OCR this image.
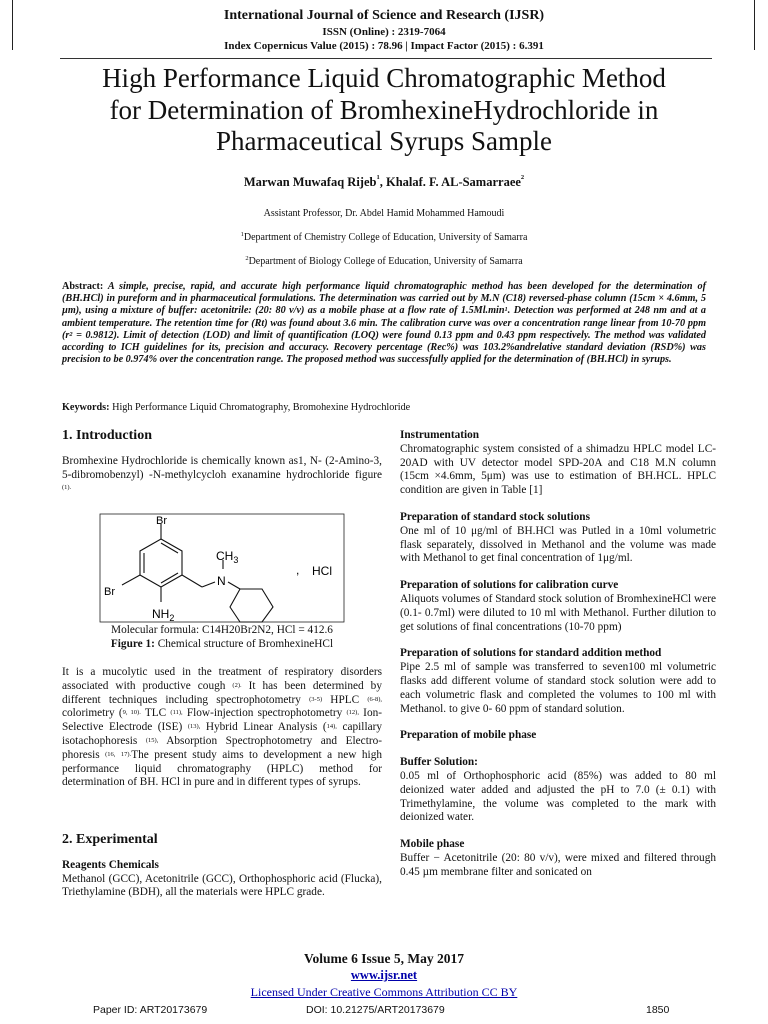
International Journal of Science and Research (IJSR)
ISSN (Online) : 2319-7064
Index Copernicus Value (2015) : 78.96 | Impact Factor (2015) : 6.391
High Performance Liquid Chromatographic Method
for Determination of BromhexineHydrochloride in
Pharmaceutical Syrups Sample
Marwan Muwafaq Rijeb$^1$, Khalaf. F. AL-Samarraee$^2$
Assistant Professor, Dr. Abdel Hamid Mohammed Hamoudi
$^1$Department of Chemistry College of Education, University of Samarra
$^2$Department of Biology College of Education, University of Samarra
Abstract: A simple, precise, rapid, and accurate high performance liquid chromatographic method has been developed for the determination of (BH.HCl) in pureform and in pharmaceutical formulations. The determination was carried out by M.N (C18) reversed-phase column (15cm × 4.6mm, 5 µm), using a mixture of buffer: acetonitrile: (20: 80 v/v) as a mobile phase at a flow rate of $1.5Ml.\min^1$. Detection was performed at 248 nm and at a ambient temperature. The retention time for (Rt) was found about 3.6 min. The calibration curve was over a concentration range linear from 10-70 ppm $(r^2 = 0.9812)$. Limit of detection (LOD) and limit of quantification (LOQ) were found 0.13 ppm and 0.43 ppm respectively. The method was validated according to ICH guidelines for its, precision and accuracy. Recovery percentage (Rec%) was 103.2%andrelative standard deviation (RSD%) was precision to be 0.974% over the concentration range. The proposed method was successfully applied for the determination of (BH.HCl) in syrups.
Keywords: High Performance Liquid Chromatography, Bromohexine Hydrochloride
1. Introduction

Bromhexine Hydrochloride is chemically known as1, N- (2-Amino-3, 5-dibromobenzyl) -N-methylcycloh exanamine hydrochloride figure $^{(1).}$

Br
Br
$NH_2$
N
$CH_3$
, HCl
Molecular formula: C14H20Br2N2, HCl = 412.6
Figure 1: Chemical structure of BromhexineHCl

It is a mucolytic used in the treatment of respiratory disorders associated with productive cough $^{(2).}$ It has been determined by different techniques including spectrophotometry $^{(3-5)}$ HPLC $^{(6-8),}$ colorimetry ($^{9, 10).}$ TLC $^{(11),}$ Flow-injection spectrophotometry $^{(12),}$ Ion- Selective Electrode (ISE) $^{(13),}$ Hybrid Linear Analysis ($^{14),}$ capillary isotachophoresis $^{(15),}$ Absorption Spectrophotometry and Electro-phoresis $^{(16,}$ $^{17).}$The present study aims to development a new high performance liquid chromatography (HPLC) method for determination of BH. HCl in pure and in different types of syrups.

2. Experimental
Reagents Chemicals

Methanol (GCC), Acetonitrile (GCC), Orthophosphoric acid (Flucka), Triethylamine (BDH), all the materials were HPLC grade.

Instrumentation

Chromatographic system consisted of a shimadzu HPLC model LC-20AD with UV detector model SPD-20A and C18 M.N column (15cm ×4.6mm, 5μm) was use to estimation of BH.HCL. HPLC condition are given in Table [1]

Preparation of standard stock solutions

One ml of 10 μg/ml of BH.HCl was Putled in a 10ml volumetric flask separately, dissolved in Methanol and the volume was made with Methanol to get final concentration of 1μg/ml.

Preparation of solutions for calibration curve

Aliquots volumes of Standard stock solution of BromhexineHCl were (0.1- 0.7ml) were diluted to 10 ml with Methanol. Further dilution to get solutions of final concentrations (10-70 ppm)

Preparation of solutions for standard addition method

Pipe 2.5 ml of sample was transferred to seven100 ml volumetric flasks add different volume of standard stock solution were add to each volumetric flask and completed the volumes to 100 ml with Methanol. to give 0- 60 ppm of standard solution.

Preparation of mobile phase
Buffer Solution:

0.05 ml of Orthophosphoric acid (85%) was added to 80 ml deionized water added and adjusted the pH to 7.0 (± 0.1) with Trimethylamine, the volume was completed to the mark with deionized water.

Mobile phase

Buffer − Acetonitrile (20: 80 v/v), were mixed and filtered through 0.45 µm membrane filter and sonicated on

Volume 6 Issue 5, May 2017
www.ijsr.net
Licensed Under Creative Commons Attribution CC BY
Paper ID: ART20173679	DOI: 10.21275/ART20173679	1850
